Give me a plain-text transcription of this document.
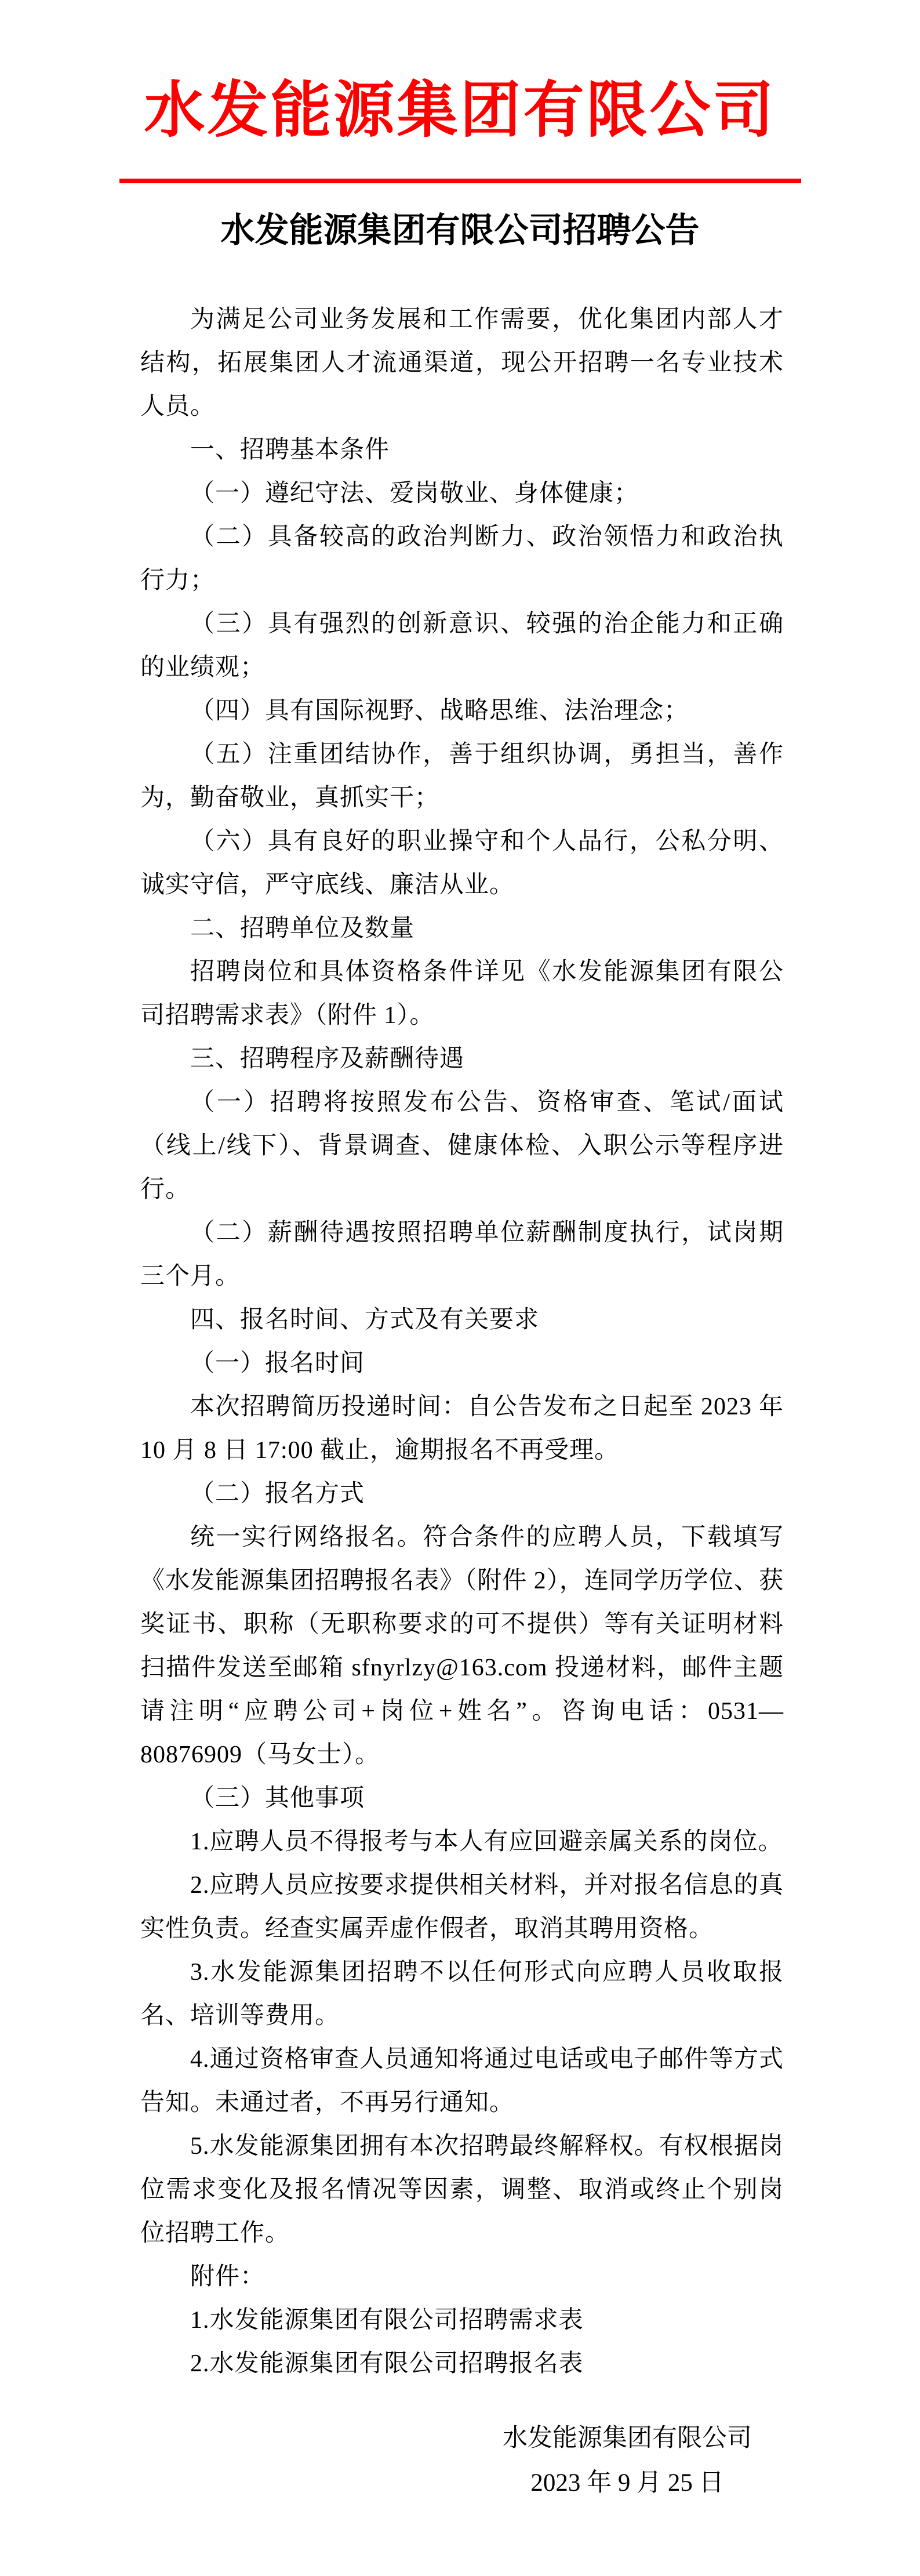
水发能源集团有限公司
水发能源集团有限公司招聘公告

为满足公司业务发展和工作需要，优化集团内部人才结构，拓展集团人才流通渠道，现公开招聘一名专业技术人员。

一、招聘基本条件

（一）遵纪守法、爱岗敬业、身体健康；

（二）具备较高的政治判断力、政治领悟力和政治执行力；

（三）具有强烈的创新意识、较强的治企能力和正确的业绩观；

（四）具有国际视野、战略思维、法治理念；

（五）注重团结协作，善于组织协调，勇担当，善作为，勤奋敬业，真抓实干；

（六）具有良好的职业操守和个人品行，公私分明、诚实守信，严守底线、廉洁从业。

二、招聘单位及数量

招聘岗位和具体资格条件详见《水发能源集团有限公司招聘需求表》（附件 1）。

三、招聘程序及薪酬待遇

（一）招聘将按照发布公告、资格审查、笔试/面试（线上/线下）、背景调查、健康体检、入职公示等程序进行。

（二）薪酬待遇按照招聘单位薪酬制度执行，试岗期三个月。

四、报名时间、方式及有关要求

（一）报名时间

本次招聘简历投递时间：自公告发布之日起至 2023 年 10 月 8 日 17:00 截止，逾期报名不再受理。

（二）报名方式

统一实行网络报名。符合条件的应聘人员，下载填写《水发能源集团招聘报名表》（附件 2），连同学历学位、获奖证书、职称（无职称要求的可不提供）等有关证明材料扫描件发送至邮箱 sfnyrlzy@163.com 投递材料，邮件主题请注明“应聘公司+岗位+姓名”。咨询电话：0531—80876909（马女士）。

（三）其他事项

1.应聘人员不得报考与本人有应回避亲属关系的岗位。

2.应聘人员应按要求提供相关材料，并对报名信息的真实性负责。经查实属弄虚作假者，取消其聘用资格。

3.水发能源集团招聘不以任何形式向应聘人员收取报名、培训等费用。

4.通过资格审查人员通知将通过电话或电子邮件等方式告知。未通过者，不再另行通知。

5.水发能源集团拥有本次招聘最终解释权。有权根据岗位需求变化及报名情况等因素，调整、取消或终止个别岗位招聘工作。

附件：

1.水发能源集团有限公司招聘需求表

2.水发能源集团有限公司招聘报名表

水发能源集团有限公司

2023 年 9 月 25 日
